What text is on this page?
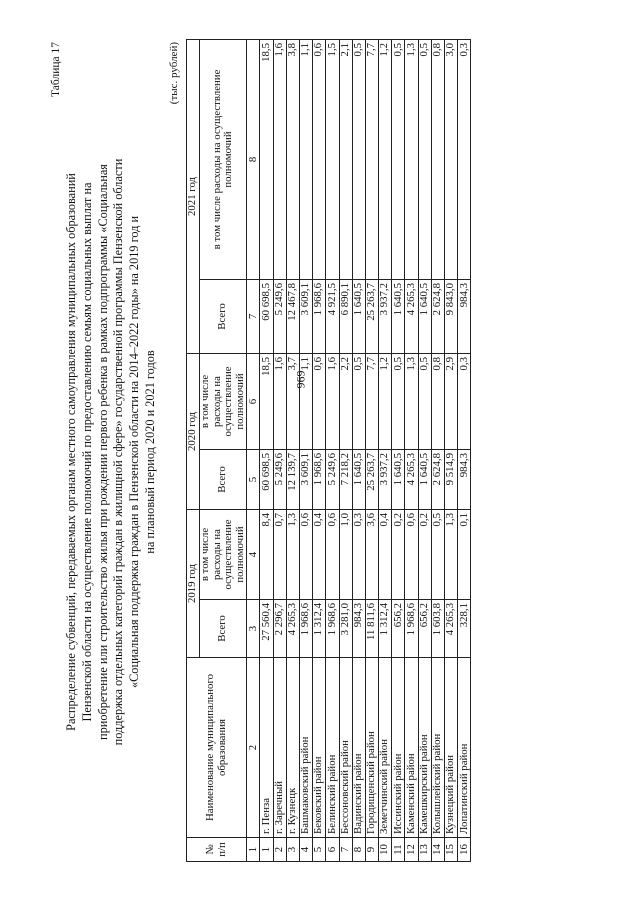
969
Таблица 17
Распределение субвенций, передаваемых органам местного самоуправления муниципальных образований Пензенской области на осуществление полномочий по предоставлению семьям социальных выплат на приобретение или строительство жилья при рождении первого ребенка в рамках подпрограммы «Социальная поддержка отдельных категорий граждан в жилищной сфере» государственной программы Пензенской области «Социальная поддержка граждан в Пензенской области на 2014–2022 годы» на 2019 год и на плановый период 2020 и 2021 годов
(тыс. рублей)
№ п/п	Наименование муниципального образования	2019 год		2020 год		2021 год	
		Всего	в том числе расходы на осуществление полномочий	Всего	в том числе расходы на осуществление полномочий	Всего	в том числе расходы на осуществление полномочий
1	2	3	4	5	6	7	8
1	г. Пенза	27 560,4	8,4	60 698,5	18,5	60 698,5	18,5
2	г. Заречный	2 296,7	0,7	5 249,6	1,6	5 249,6	1,6
3	г. Кузнецк	4 265,3	1,3	12 139,7	3,7	12 467,8	3,8
4	Башмаковский район	1 968,6	0,6	3 609,1	1,1	3 609,1	1,1
5	Бековский район	1 312,4	0,4	1 968,6	0,6	1 968,6	0,6
6	Белинский район	1 968,6	0,6	5 249,6	1,6	4 921,5	1,5
7	Бессоновский район	3 281,0	1,0	7 218,2	2,2	6 890,1	2,1
8	Вадинский район	984,3	0,3	1 640,5	0,5	1 640,5	0,5
9	Городищенский район	11 811,6	3,6	25 263,7	7,7	25 263,7	7,7
10	Земетчинский район	1 312,4	0,4	3 937,2	1,2	3 937,2	1,2
11	Иссинский район	656,2	0,2	1 640,5	0,5	1 640,5	0,5
12	Каменский район	1 968,6	0,6	4 265,3	1,3	4 265,3	1,3
13	Камешкирский район	656,2	0,2	1 640,5	0,5	1 640,5	0,5
14	Колышлейский район	1 603,8	0,5	2 624,8	0,8	2 624,8	0,8
15	Кузнецкий район	4 265,3	1,3	9 514,9	2,9	9 843,0	3,0
16	Лопатинский район	328,1	0,1	984,3	0,3	984,3	0,3
